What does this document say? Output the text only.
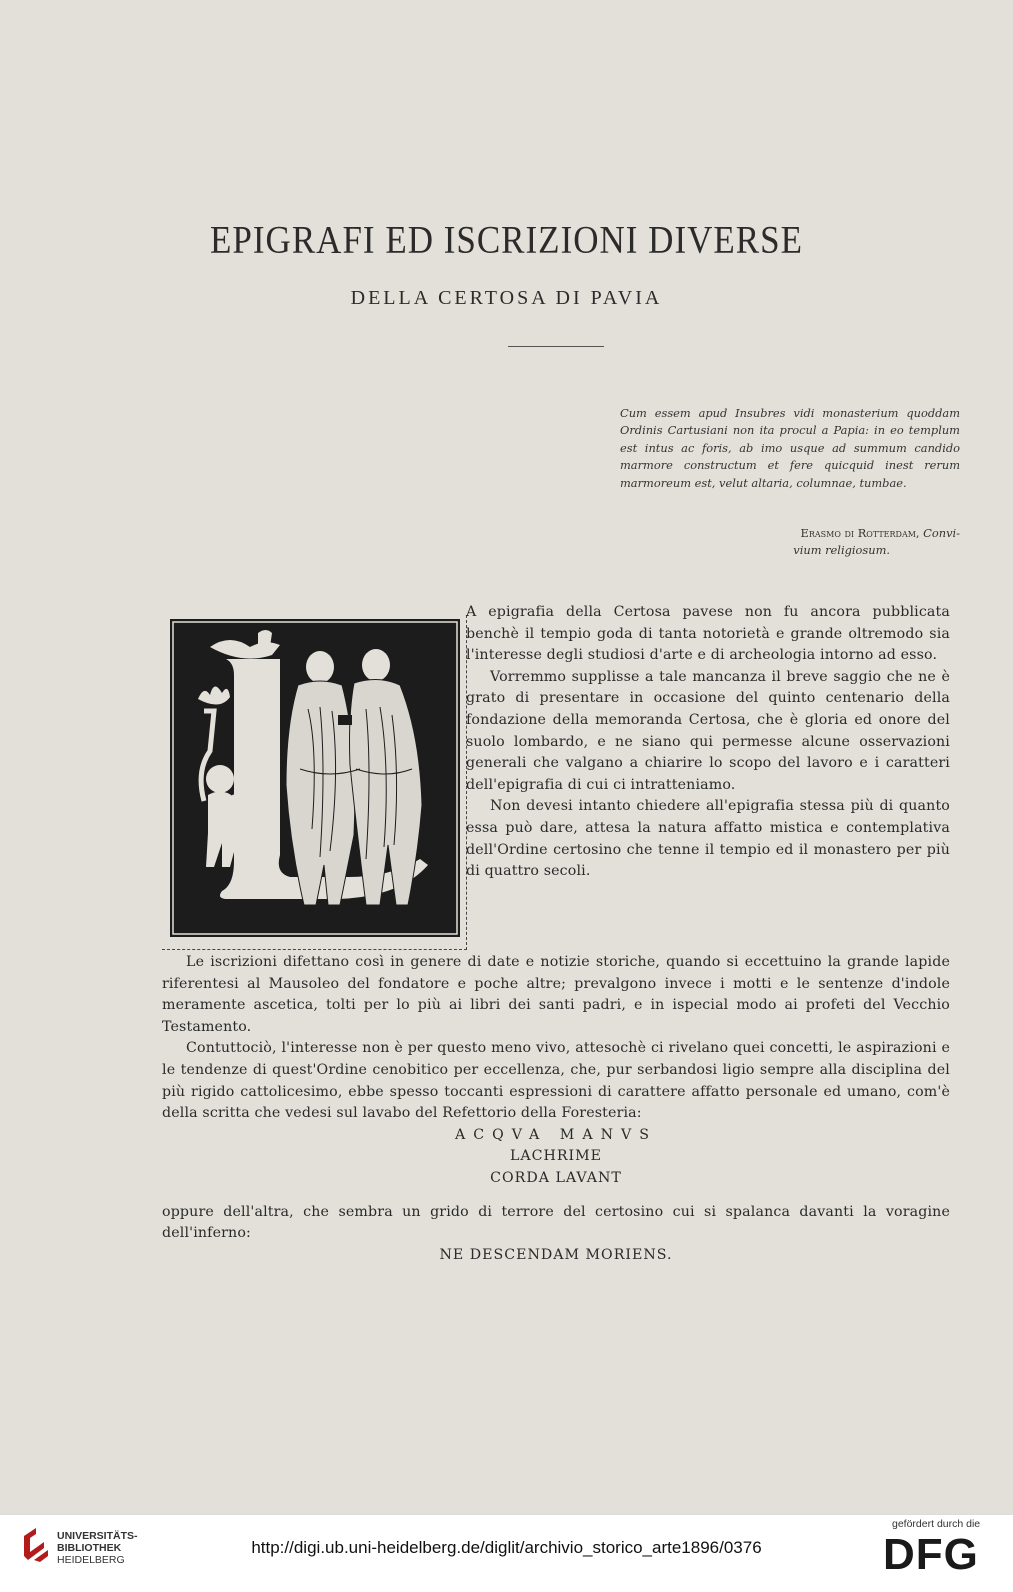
EPIGRAFI ED ISCRIZIONI DIVERSE
DELLA CERTOSA DI PAVIA
Cum essem apud Insubres vidi monasterium quoddam Ordinis Cartusiani non ita procul a Papia: in eo templum est intus ac foris, ab imo usque ad summum candido marmore constructum et fere quicquid inest rerum marmoreum est, velut altaria, columnae, tumbae.
Erasmo di Rotterdam, Convi-
vium religiosum.

A epigrafia della Certosa pavese non fu ancora pubblicata benchè il tempio goda di tanta notorietà e grande oltremodo sia l'interesse degli studiosi d'arte e di archeologia intorno ad esso.

Vorremmo supplisse a tale mancanza il breve saggio che ne è grato di presentare in occasione del quinto centenario della fondazione della memoranda Certosa, che è gloria ed onore del suolo lombardo, e ne siano qui permesse alcune osservazioni generali che valgano a chiarire lo scopo del lavoro e i caratteri dell'epigrafia di cui ci intratteniamo.

Non devesi intanto chiedere all'epigrafia stessa più di quanto essa può dare, attesa la natura affatto mistica e contemplativa dell'Ordine certosino che tenne il tempio ed il monastero per più di quattro secoli.

Le iscrizioni difettano così in genere di date e notizie storiche, quando si eccettuino la grande lapide riferentesi al Mausoleo del fondatore e poche altre; prevalgono invece i motti e le sentenze d'indole meramente ascetica, tolti per lo più ai libri dei santi padri, e in ispecial modo ai profeti del Vecchio Testamento.

Contuttociò, l'interesse non è per questo meno vivo, attesochè ci rivelano quei concetti, le aspirazioni e le tendenze di quest'Ordine cenobitico per eccellenza, che, pur serbandosi ligio sempre alla disciplina del più rigido cattolicesimo, ebbe spesso toccanti espressioni di carattere affatto personale ed umano, com'è della scritta che vedesi sul lavabo del Refettorio della Foresteria:

ACQVA MANVS

LACHRIME

CORDA LAVANT

oppure dell'altra, che sembra un grido di terrore del certosino cui si spalanca davanti la voragine dell'inferno:

NE DESCENDAM MORIENS.

UNIVERSITÄTS-
BIBLIOTHEK
HEIDELBERG
http://digi.ub.uni-heidelberg.de/diglit/archivio_storico_arte1896/0376
gefördert durch die
DFG
